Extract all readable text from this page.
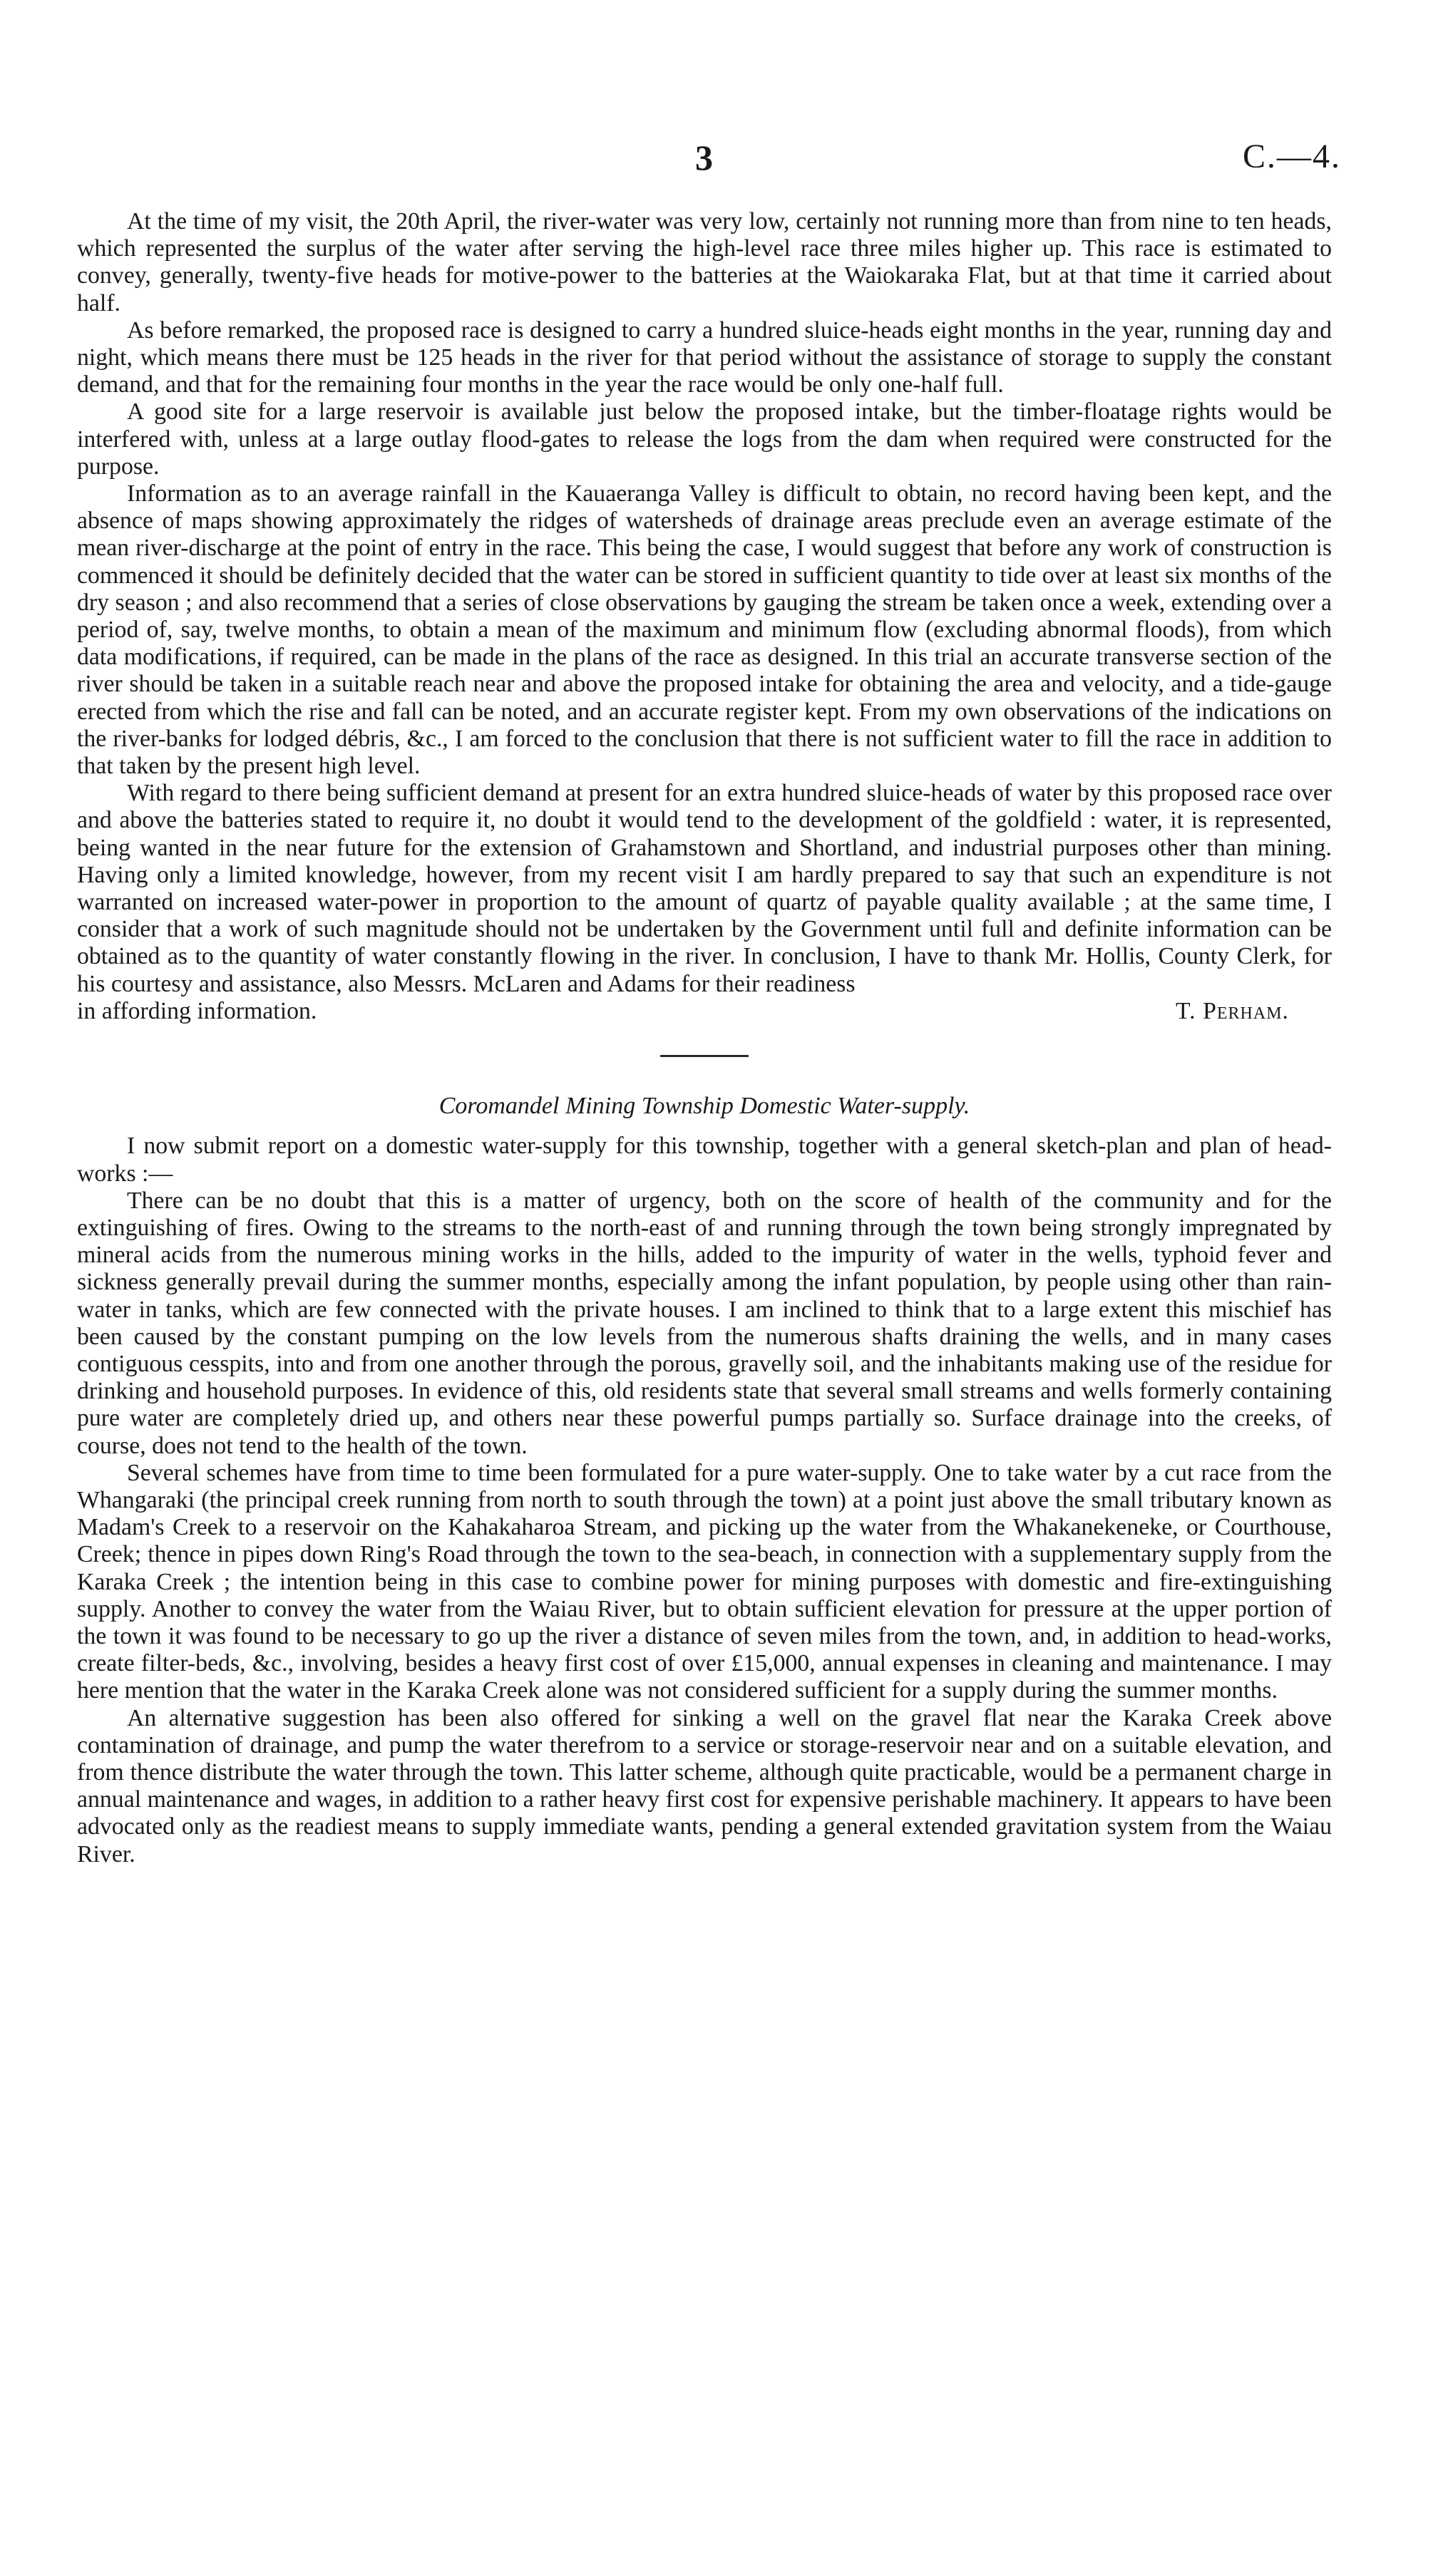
3	C.—4.

At the time of my visit, the 20th April, the river-water was very low, certainly not running more than from nine to ten heads, which represented the surplus of the water after serving the high-level race three miles higher up. This race is estimated to convey, generally, twenty-five heads for motive-power to the batteries at the Waiokaraka Flat, but at that time it carried about half.

As before remarked, the proposed race is designed to carry a hundred sluice-heads eight months in the year, running day and night, which means there must be 125 heads in the river for that period without the assistance of storage to supply the constant demand, and that for the remaining four months in the year the race would be only one-half full.

A good site for a large reservoir is available just below the proposed intake, but the timber-floatage rights would be interfered with, unless at a large outlay flood-gates to release the logs from the dam when required were constructed for the purpose.

Information as to an average rainfall in the Kauaeranga Valley is difficult to obtain, no record having been kept, and the absence of maps showing approximately the ridges of watersheds of drainage areas preclude even an average estimate of the mean river-discharge at the point of entry in the race. This being the case, I would suggest that before any work of construction is commenced it should be definitely decided that the water can be stored in sufficient quantity to tide over at least six months of the dry season ; and also recommend that a series of close observations by gauging the stream be taken once a week, extending over a period of, say, twelve months, to obtain a mean of the maximum and minimum flow (excluding abnormal floods), from which data modifications, if required, can be made in the plans of the race as designed. In this trial an accurate transverse section of the river should be taken in a suitable reach near and above the proposed intake for obtaining the area and velocity, and a tide-gauge erected from which the rise and fall can be noted, and an accurate register kept. From my own observations of the indications on the river-banks for lodged débris, &c., I am forced to the conclusion that there is not sufficient water to fill the race in addition to that taken by the present high level.

With regard to there being sufficient demand at present for an extra hundred sluice-heads of water by this proposed race over and above the batteries stated to require it, no doubt it would tend to the development of the goldfield : water, it is represented, being wanted in the near future for the extension of Grahamstown and Shortland, and industrial purposes other than mining. Having only a limited knowledge, however, from my recent visit I am hardly prepared to say that such an expenditure is not warranted on increased water-power in proportion to the amount of quartz of payable quality available ; at the same time, I consider that a work of such magnitude should not be undertaken by the Government until full and definite information can be obtained as to the quantity of water constantly flowing in the river. In conclusion, I have to thank Mr. Hollis, County Clerk, for his courtesy and assistance, also Messrs. McLaren and Adams for their readiness

in affording information.	T. Perham.

Coromandel Mining Township Domestic Water-supply.

I now submit report on a domestic water-supply for this township, together with a general sketch-plan and plan of head-works :—

There can be no doubt that this is a matter of urgency, both on the score of health of the community and for the extinguishing of fires. Owing to the streams to the north-east of and running through the town being strongly impregnated by mineral acids from the numerous mining works in the hills, added to the impurity of water in the wells, typhoid fever and sickness generally prevail during the summer months, especially among the infant population, by people using other than rain-water in tanks, which are few connected with the private houses. I am inclined to think that to a large extent this mischief has been caused by the constant pumping on the low levels from the numerous shafts draining the wells, and in many cases contiguous cesspits, into and from one another through the porous, gravelly soil, and the inhabitants making use of the residue for drinking and household purposes. In evidence of this, old residents state that several small streams and wells formerly containing pure water are completely dried up, and others near these powerful pumps partially so. Surface drainage into the creeks, of course, does not tend to the health of the town.

Several schemes have from time to time been formulated for a pure water-supply. One to take water by a cut race from the Whangaraki (the principal creek running from north to south through the town) at a point just above the small tributary known as Madam's Creek to a reservoir on the Kahakaharoa Stream, and picking up the water from the Whakanekeneke, or Courthouse, Creek; thence in pipes down Ring's Road through the town to the sea-beach, in connection with a supplementary supply from the Karaka Creek ; the intention being in this case to combine power for mining purposes with domestic and fire-extinguishing supply. Another to convey the water from the Waiau River, but to obtain sufficient elevation for pressure at the upper portion of the town it was found to be necessary to go up the river a distance of seven miles from the town, and, in addition to head-works, create filter-beds, &c., involving, besides a heavy first cost of over £15,000, annual expenses in cleaning and maintenance. I may here mention that the water in the Karaka Creek alone was not considered sufficient for a supply during the summer months.

An alternative suggestion has been also offered for sinking a well on the gravel flat near the Karaka Creek above contamination of drainage, and pump the water therefrom to a service or storage-reservoir near and on a suitable elevation, and from thence distribute the water through the town. This latter scheme, although quite practicable, would be a permanent charge in annual maintenance and wages, in addition to a rather heavy first cost for expensive perishable machinery. It appears to have been advocated only as the readiest means to supply immediate wants, pending a general extended gravitation system from the Waiau River.
